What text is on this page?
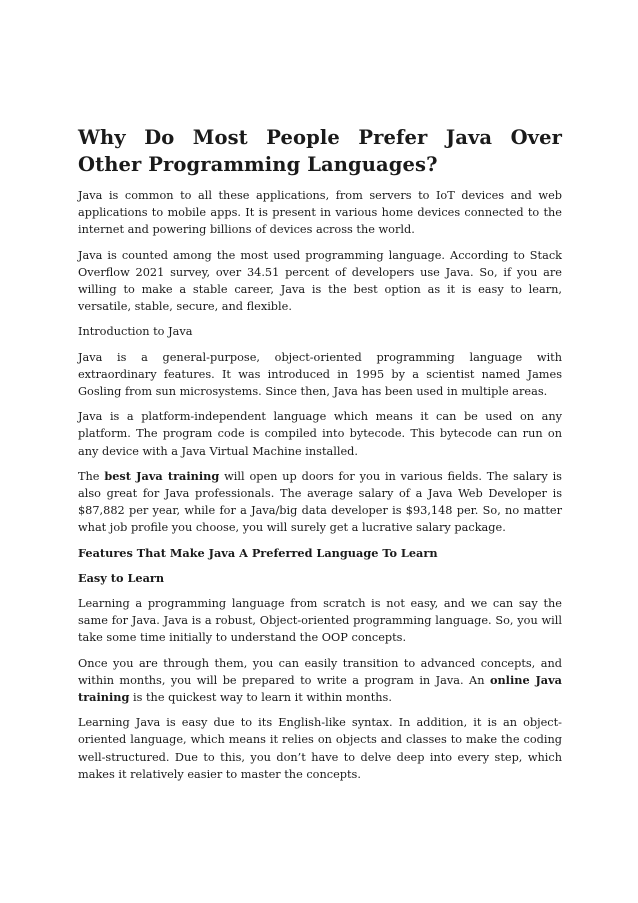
Why Do Most People Prefer Java Over Other Programming Languages?

Java is common to all these applications, from servers to IoT devices and web applications to mobile apps. It is present in various home devices connected to the internet and powering billions of devices across the world.

Java is counted among the most used programming language. According to Stack Overflow 2021 survey, over 34.51 percent of developers use Java. So, if you are willing to make a stable career, Java is the best option as it is easy to learn, versatile, stable, secure, and flexible.

Introduction to Java

Java is a general-purpose, object-oriented programming language with extraordinary features. It was introduced in 1995 by a scientist named James Gosling from sun microsystems. Since then, Java has been used in multiple areas.

Java is a platform-independent language which means it can be used on any platform. The program code is compiled into bytecode. This bytecode can run on any device with a Java Virtual Machine installed.

The best Java training will open up doors for you in various fields. The salary is also great for Java professionals. The average salary of a Java Web Developer is $87,882 per year, while for a Java/big data developer is $93,148 per. So, no matter what job profile you choose, you will surely get a lucrative salary package.

Features That Make Java A Preferred Language To Learn
Easy to Learn

Learning a programming language from scratch is not easy, and we can say the same for Java. Java is a robust, Object-oriented programming language. So, you will take some time initially to understand the OOP concepts.

Once you are through them, you can easily transition to advanced concepts, and within months, you will be prepared to write a program in Java. An online Java training is the quickest way to learn it within months.

Learning Java is easy due to its English-like syntax. In addition, it is an object-oriented language, which means it relies on objects and classes to make the coding well-structured. Due to this, you don’t have to delve deep into every step, which makes it relatively easier to master the concepts.
